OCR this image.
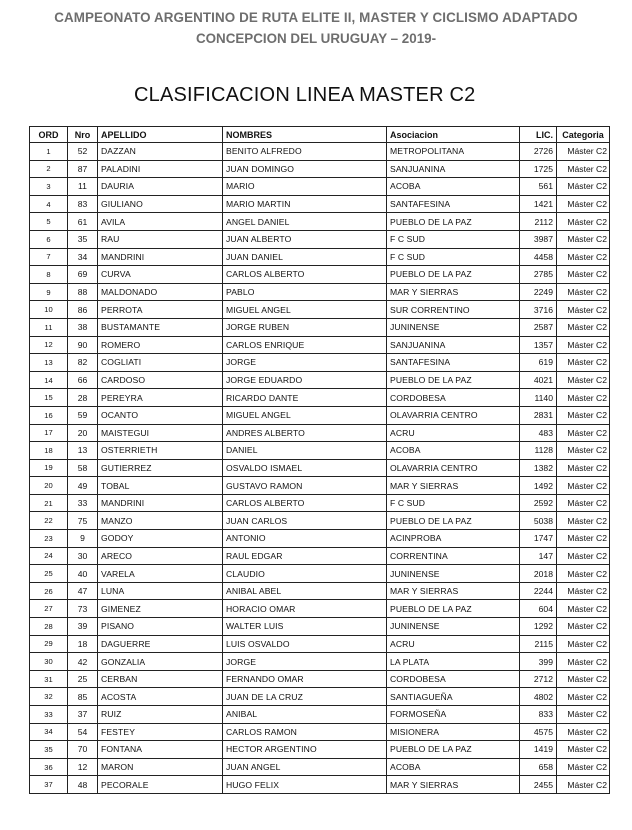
CAMPEONATO ARGENTINO DE RUTA ELITE II, MASTER Y CICLISMO ADAPTADO
CONCEPCION DEL URUGUAY – 2019-
CLASIFICACION LINEA MASTER C2
ORD	Nro	APELLIDO	NOMBRES	Asociacion	LIC.	Categoria
1	52	DAZZAN	BENITO ALFREDO	METROPOLITANA	2726	Máster C2
2	87	PALADINI	JUAN DOMINGO	SANJUANINA	1725	Máster C2
3	11	DAURIA	MARIO	ACOBA	561	Máster C2
4	83	GIULIANO	MARIO MARTIN	SANTAFESINA	1421	Máster C2
5	61	AVILA	ANGEL DANIEL	PUEBLO DE LA PAZ	2112	Máster C2
6	35	RAU	JUAN ALBERTO	F C SUD	3987	Máster C2
7	34	MANDRINI	JUAN DANIEL	F C SUD	4458	Máster C2
8	69	CURVA	CARLOS ALBERTO	PUEBLO DE LA PAZ	2785	Máster C2
9	88	MALDONADO	PABLO	MAR Y SIERRAS	2249	Máster C2
10	86	PERROTA	MIGUEL ANGEL	SUR CORRENTINO	3716	Máster C2
11	38	BUSTAMANTE	JORGE RUBEN	JUNINENSE	2587	Máster C2
12	90	ROMERO	CARLOS ENRIQUE	SANJUANINA	1357	Máster C2
13	82	COGLIATI	JORGE	SANTAFESINA	619	Máster C2
14	66	CARDOSO	JORGE EDUARDO	PUEBLO DE LA PAZ	4021	Máster C2
15	28	PEREYRA	RICARDO DANTE	CORDOBESA	1140	Máster C2
16	59	OCANTO	MIGUEL ANGEL	OLAVARRIA CENTRO	2831	Máster C2
17	20	MAISTEGUI	ANDRES ALBERTO	ACRU	483	Máster C2
18	13	OSTERRIETH	DANIEL	ACOBA	1128	Máster C2
19	58	GUTIERREZ	OSVALDO ISMAEL	OLAVARRIA CENTRO	1382	Máster C2
20	49	TOBAL	GUSTAVO RAMON	MAR Y SIERRAS	1492	Máster C2
21	33	MANDRINI	CARLOS ALBERTO	F C SUD	2592	Máster C2
22	75	MANZO	JUAN CARLOS	PUEBLO DE LA PAZ	5038	Máster C2
23	9	GODOY	ANTONIO	ACINPROBA	1747	Máster C2
24	30	ARECO	RAUL EDGAR	CORRENTINA	147	Máster C2
25	40	VARELA	CLAUDIO	JUNINENSE	2018	Máster C2
26	47	LUNA	ANIBAL ABEL	MAR Y SIERRAS	2244	Máster C2
27	73	GIMENEZ	HORACIO OMAR	PUEBLO DE LA PAZ	604	Máster C2
28	39	PISANO	WALTER LUIS	JUNINENSE	1292	Máster C2
29	18	DAGUERRE	LUIS OSVALDO	ACRU	2115	Máster C2
30	42	GONZALIA	JORGE	LA PLATA	399	Máster C2
31	25	CERBAN	FERNANDO OMAR	CORDOBESA	2712	Máster C2
32	85	ACOSTA	JUAN DE LA CRUZ	SANTIAGUEÑA	4802	Máster C2
33	37	RUIZ	ANIBAL	FORMOSEÑA	833	Máster C2
34	54	FESTEY	CARLOS RAMON	MISIONERA	4575	Máster C2
35	70	FONTANA	HECTOR ARGENTINO	PUEBLO DE LA PAZ	1419	Máster C2
36	12	MARON	JUAN ANGEL	ACOBA	658	Máster C2
37	48	PECORALE	HUGO FELIX	MAR Y SIERRAS	2455	Máster C2
